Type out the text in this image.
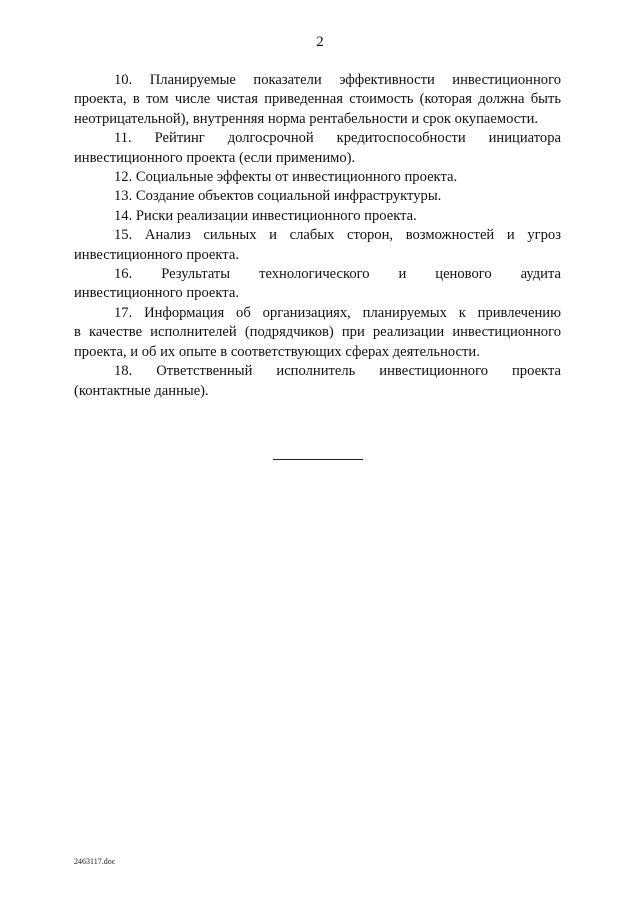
2
10. Планируемые показатели эффективности инвестиционного
проекта, в том числе чистая приведенная стоимость (которая должна быть
неотрицательной), внутренняя норма рентабельности и срок окупаемости.
11. Рейтинг долгосрочной кредитоспособности инициатора
инвестиционного проекта (если применимо).
12. Социальные эффекты от инвестиционного проекта.
13. Создание объектов социальной инфраструктуры.
14. Риски реализации инвестиционного проекта.
15. Анализ сильных и слабых сторон, возможностей и угроз
инвестиционного проекта.
16. Результаты технологического и ценового аудита
инвестиционного проекта.
17. Информация об организациях, планируемых к привлечению
в качестве исполнителей (подрядчиков) при реализации инвестиционного
проекта, и об их опыте в соответствующих сферах деятельности.
18. Ответственный исполнитель инвестиционного проекта
(контактные данные).
2463117.doc
